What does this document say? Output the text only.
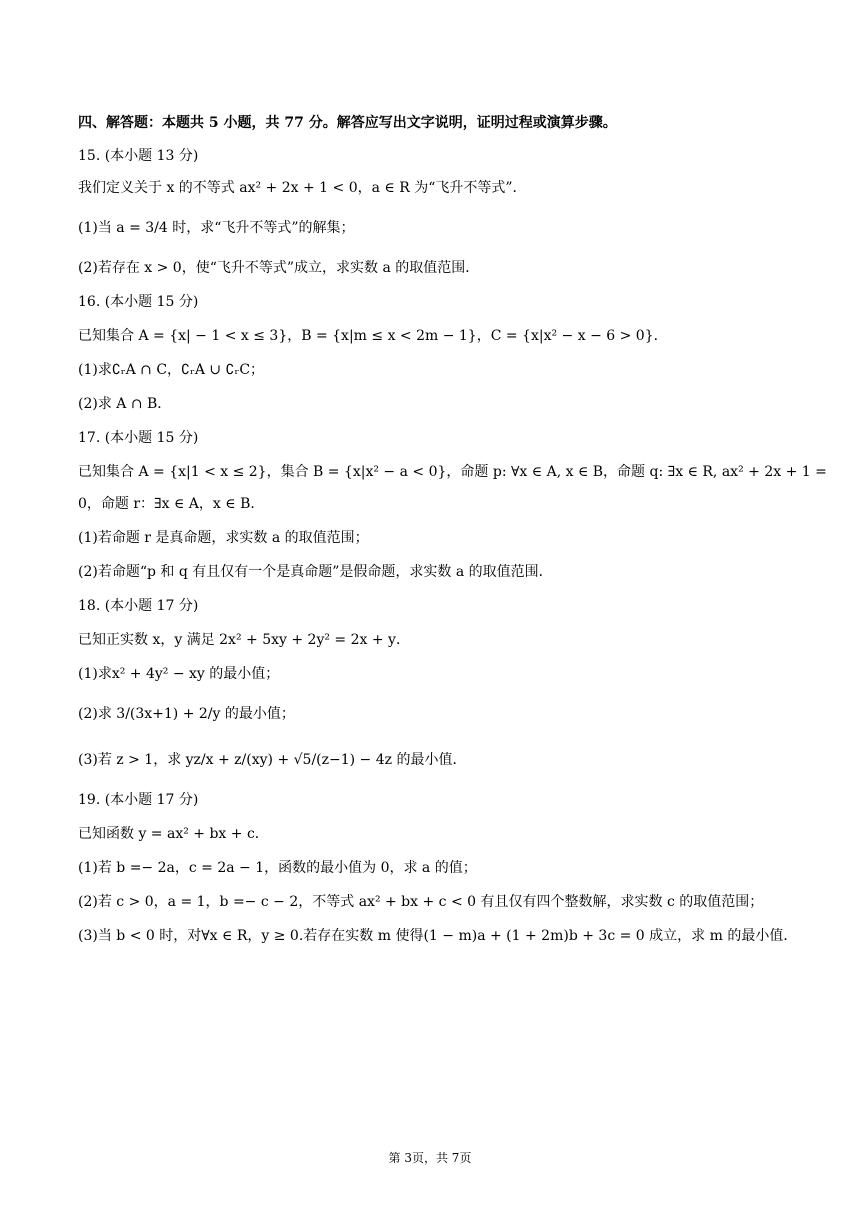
四、解答题：本题共 5 小题，共 77 分。解答应写出文字说明，证明过程或演算步骤。
15. (本小题 13 分)
我们定义关于 x 的不等式 ax² + 2x + 1 < 0，a ∈ R 为“飞升不等式”．
(1)当 a = 3/4 时，求“飞升不等式”的解集；
(2)若存在 x > 0，使“飞升不等式”成立，求实数 a 的取值范围．
16. (本小题 15 分)
已知集合 A = {x| − 1 < x ≤ 3}，B = {x|m ≤ x < 2m − 1}，C = {x|x² − x − 6 > 0}．
(1)求∁ᵣA ∩ C，∁ᵣA ∪ ∁ᵣC；
(2)求 A ∩ B．
17. (本小题 15 分)
已知集合 A = {x|1 < x ≤ 2}，集合 B = {x|x² − a < 0}，命题 p: ∀x ∈ A, x ∈ B，命题 q: ∃x ∈ R, ax² + 2x + 1 =
0，命题 r：∃x ∈ A，x ∈ B．
(1)若命题 r 是真命题，求实数 a 的取值范围；
(2)若命题“p 和 q 有且仅有一个是真命题”是假命题，求实数 a 的取值范围．
18. (本小题 17 分)
已知正实数 x，y 满足 2x² + 5xy + 2y² = 2x + y．
(1)求x² + 4y² − xy 的最小值；
(2)求 3/(3x+1) + 2/y 的最小值；
(3)若 z > 1，求 yz/x + z/(xy) + √5/(z−1) − 4z 的最小值．
19. (本小题 17 分)
已知函数 y = ax² + bx + c．
(1)若 b =− 2a，c = 2a − 1，函数的最小值为 0，求 a 的值；
(2)若 c > 0，a = 1，b =− c − 2，不等式 ax² + bx + c < 0 有且仅有四个整数解，求实数 c 的取值范围；
(3)当 b < 0 时，对∀x ∈ R，y ≥ 0.若存在实数 m 使得(1 − m)a + (1 + 2m)b + 3c = 0 成立，求 m 的最小值．
第 3页，共 7页
